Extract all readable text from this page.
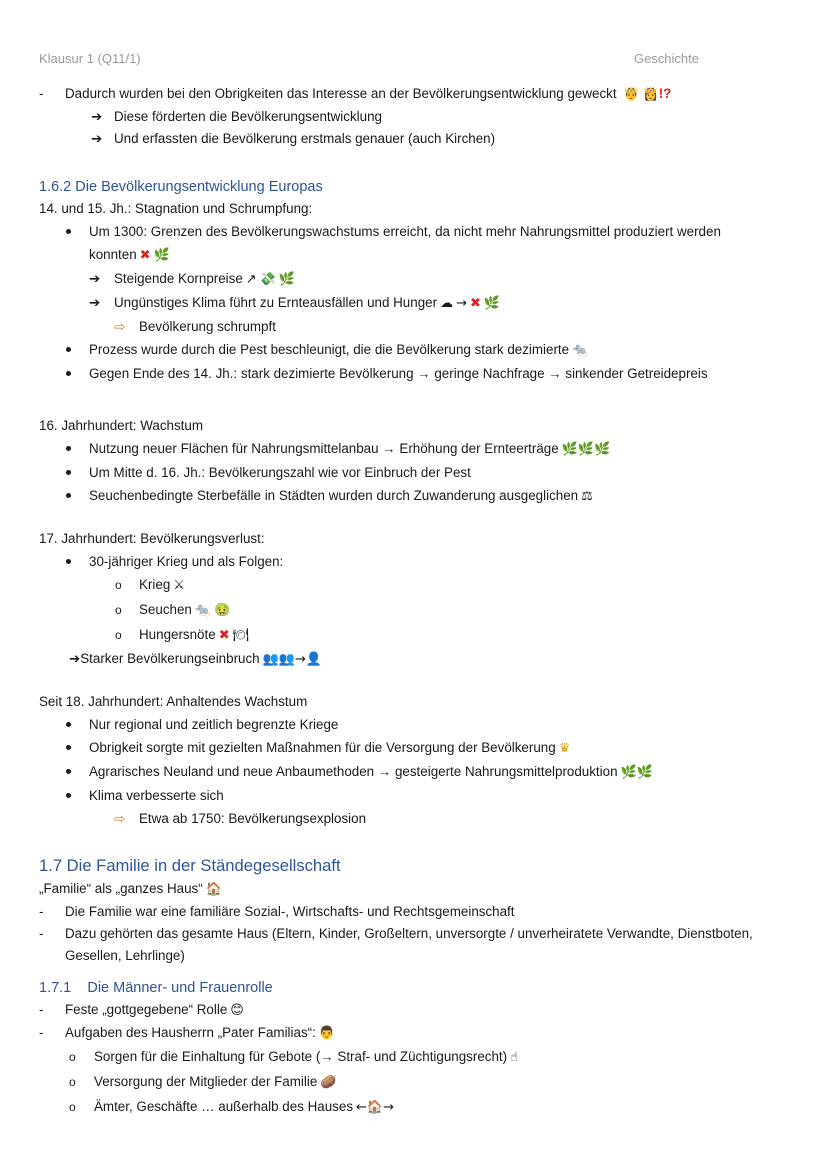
Klausur 1 (Q11/1)	Geschichte
- Dadurch wurden bei den Obrigkeiten das Interesse an der Bevölkerungsentwicklung geweckt 🤴 👸!?
➔ Diese förderten die Bevölkerungsentwicklung
➔ Und erfassten die Bevölkerung erstmals genauer (auch Kirchen)
1.6.2 Die Bevölkerungsentwicklung Europas
14. und 15. Jh.: Stagnation und Schrumpfung:
Um 1300: Grenzen des Bevölkerungswachstums erreicht, da nicht mehr Nahrungsmittel produziert werden
konnten ✖ 🌿
➔ Steigende Kornpreise ↗ 💸 🌿
➔ Ungünstiges Klima führt zu Ernteausfällen und Hunger ☁ → ✖ 🌿
⇨ Bevölkerung schrumpft
Prozess wurde durch die Pest beschleunigt, die die Bevölkerung stark dezimierte 🐀
Gegen Ende des 14. Jh.: stark dezimierte Bevölkerung → geringe Nachfrage → sinkender Getreidepreis
16. Jahrhundert: Wachstum
Nutzung neuer Flächen für Nahrungsmittelanbau → Erhöhung der Ernteerträge 🌿🌿🌿
Um Mitte d. 16. Jh.: Bevölkerungszahl wie vor Einbruch der Pest
Seuchenbedingte Sterbefälle in Städten wurden durch Zuwanderung ausgeglichen ⚖
17. Jahrhundert: Bevölkerungsverlust:
30-jähriger Krieg und als Folgen:
o Krieg ⚔
o Seuchen 🐀 🤢
o Hungersnöte ✖ 🍽
➔Starker Bevölkerungseinbruch 👥👥→👤
Seit 18. Jahrhundert: Anhaltendes Wachstum
Nur regional und zeitlich begrenzte Kriege
Obrigkeit sorgte mit gezielten Maßnahmen für die Versorgung der Bevölkerung ♛
Agrarisches Neuland und neue Anbaumethoden → gesteigerte Nahrungsmittelproduktion 🌿🌿
Klima verbesserte sich
⇨ Etwa ab 1750: Bevölkerungsexplosion
1.7 Die Familie in der Ständegesellschaft
„Familie“ als „ganzes Haus“ 🏠
- Die Familie war eine familiäre Sozial-, Wirtschafts- und Rechtsgemeinschaft
- Dazu gehörten das gesamte Haus (Eltern, Kinder, Großeltern, unversorgte / unverheiratete Verwandte, Dienstboten,
Gesellen, Lehrlinge)
1.7.1    Die Männer- und Frauenrolle
- Feste „gottgegebene“ Rolle 😊
- Aufgaben des Hausherrn „Pater Familias“: 👨
o Sorgen für die Einhaltung für Gebote (→ Straf- und Züchtigungsrecht) ☝
o Versorgung der Mitglieder der Familie 🥔
o Ämter, Geschäfte … außerhalb des Hauses ←🏠→
